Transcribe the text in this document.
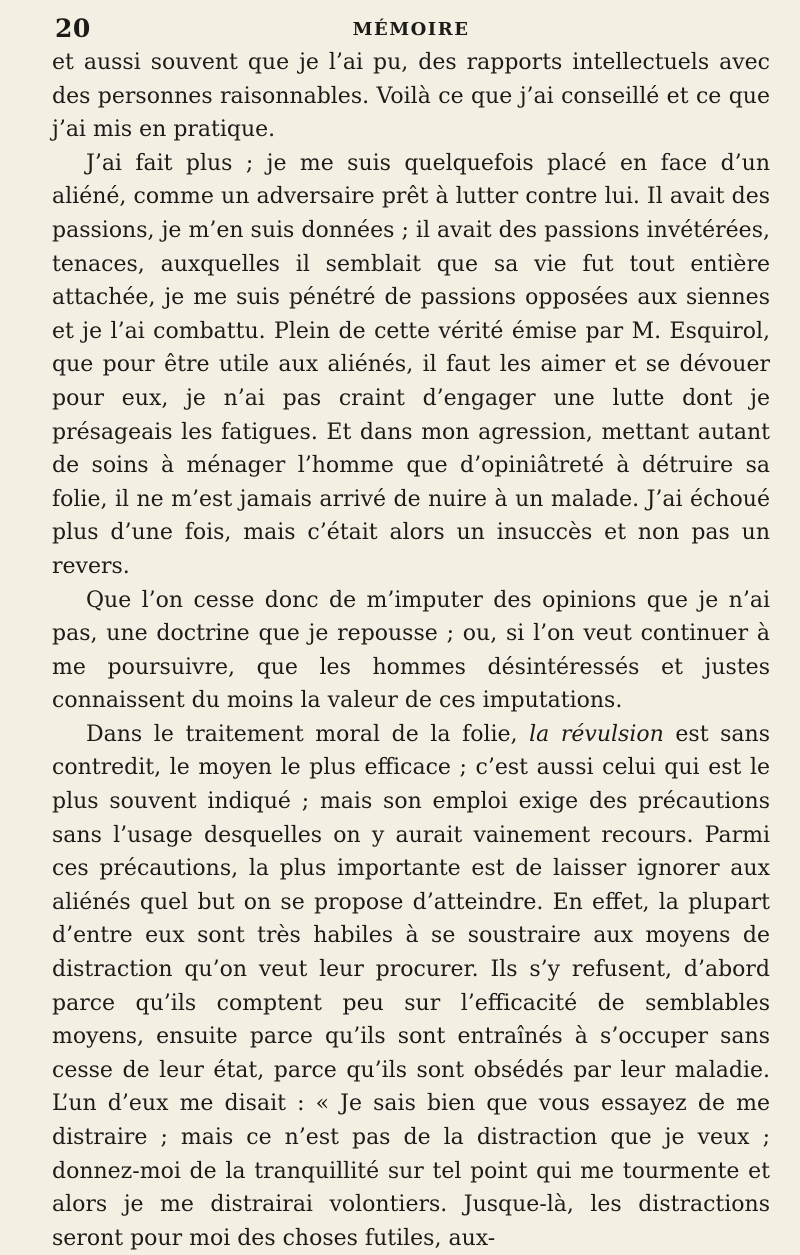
20	MÉMOIRE

et aussi souvent que je l’ai pu, des rapports intellectuels avec des personnes raisonnables. Voilà ce que j’ai conseillé et ce que j’ai mis en pratique.

J’ai fait plus ; je me suis quelquefois placé en face d’un aliéné, comme un adversaire prêt à lutter contre lui. Il avait des passions, je m’en suis données ; il avait des passions invétérées, tenaces, auxquelles il semblait que sa vie fut tout entière attachée, je me suis pénétré de passions opposées aux siennes et je l’ai combattu. Plein de cette vérité émise par M. Esquirol, que pour être utile aux aliénés, il faut les aimer et se dévouer pour eux, je n’ai pas craint d’engager une lutte dont je présageais les fatigues. Et dans mon agression, mettant autant de soins à ménager l’homme que d’opiniâtreté à détruire sa folie, il ne m’est jamais arrivé de nuire à un malade. J’ai échoué plus d’une fois, mais c’était alors un insuccès et non pas un revers.

Que l’on cesse donc de m’imputer des opinions que je n’ai pas, une doctrine que je repousse ; ou, si l’on veut continuer à me poursuivre, que les hommes désintéressés et justes connaissent du moins la valeur de ces imputations.

Dans le traitement moral de la folie, la révulsion est sans contredit, le moyen le plus efficace ; c’est aussi celui qui est le plus souvent indiqué ; mais son emploi exige des précautions sans l’usage desquelles on y aurait vainement recours. Parmi ces précautions, la plus importante est de laisser ignorer aux aliénés quel but on se propose d’atteindre. En effet, la plupart d’entre eux sont très habiles à se soustraire aux moyens de distraction qu’on veut leur procurer. Ils s’y refusent, d’abord parce qu’ils comptent peu sur l’efficacité de semblables moyens, ensuite parce qu’ils sont entraînés à s’occuper sans cesse de leur état, parce qu’ils sont obsédés par leur maladie. L’un d’eux me disait : « Je sais bien que vous essayez de me distraire ; mais ce n’est pas de la distraction que je veux ; donnez-moi de la tranquillité sur tel point qui me tourmente et alors je me distrairai volontiers. Jusque-là, les distractions seront pour moi des choses futiles, aux-
